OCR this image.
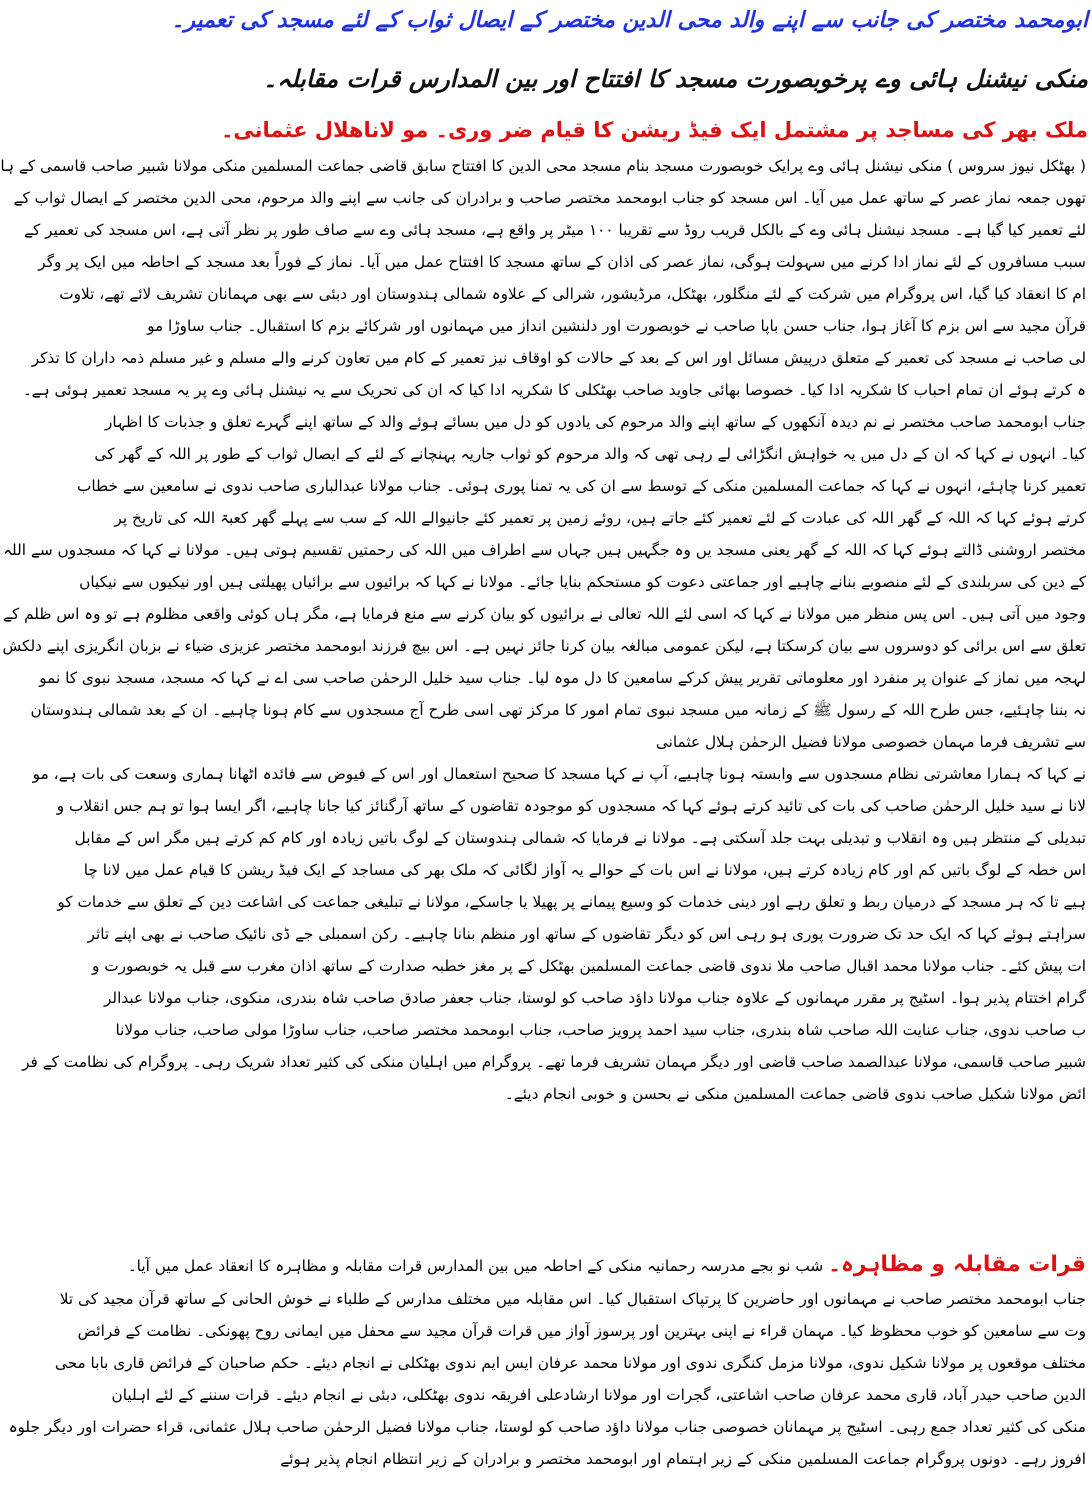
ابومحمد مختصر کی جانب سے اپنے والد محی الدین مختصر کے ایصال ثواب کے لئے مسجد کی تعمیر۔
منکی نیشنل ہائی وے پرخوبصورت مسجد کا افتتاح اور بین المدارس قرات مقابلہ۔
ملک بھر کی مساجد پر مشتمل ایک فیڈ ریشن کا قیام ضر وری۔ مو لاناھلال عثمانی۔
( بھٹکل نیوز سروس ) منکی نیشنل ہائی وے پرایک خوبصورت مسجد بنام مسجد محی الدین کا افتتاح سابق قاضی جماعت المسلمین منکی مولانا شبیر صاحب قاسمی کے ہا
تھوں جمعہ نماز عصر کے ساتھ عمل میں آیا۔ اس مسجد کو جناب ابومحمد مختصر صاحب و برادران کی جانب سے اپنے والد مرحوم، محی الدین مختصر کے ایصال ثواب کے
لئے تعمیر کیا گیا ہے۔ مسجد نیشنل ہائی وے کے بالکل قریب روڈ سے تقریبا ۱۰۰ میٹر پر واقع ہے، مسجد ہائی وے سے صاف طور پر نظر آتی ہے، اس مسجد کی تعمیر کے
سبب مسافروں کے لئے نماز ادا کرنے میں سہولت ہوگی، نماز عصر کی اذان کے ساتھ مسجد کا افتتاح عمل میں آیا۔ نماز کے فوراً بعد مسجد کے احاطہ میں ایک پر وگر
ام کا انعقاد کیا گیا، اس پروگرام میں شرکت کے لئے منگلور، بھٹکل، مرڈیشور، شرالی کے علاوہ شمالی ہندوستان اور دبئی سے بھی مہمانان تشریف لائے تھے، تلاوت
قرآن مجید سے اس بزم کا آغاز ہوا، جناب حسن باپا صاحب نے خوبصورت اور دلنشین انداز میں مہمانوں اور شرکائے بزم کا استقبال۔ جناب ساوڑا مو
لی صاحب نے مسجد کی تعمیر کے متعلق درپیش مسائل اور اس کے بعد کے حالات کو اوقاف نیز تعمیر کے کام میں تعاون کرنے والے مسلم و غیر مسلم ذمہ داران کا تذکر
ہ کرتے ہوئے ان تمام احباب کا شکریہ ادا کیا۔ خصوصا بھائی جاوید صاحب بھٹکلی کا شکریہ ادا کیا کہ ان کی تحریک سے یہ نیشنل ہائی وے پر یہ مسجد تعمیر ہوئی ہے۔
جناب ابومحمد صاحب مختصر نے نم دیدہ آنکھوں کے ساتھ اپنے والد مرحوم کی یادوں کو دل میں بسائے ہوئے والد کے ساتھ اپنے گہرے تعلق و جذبات کا اظہار
کیا۔ انہوں نے کہا کہ ان کے دل میں یہ خواہش انگڑائی لے رہی تھی کہ والد مرحوم کو ثواب جاریہ پہنچانے کے لئے کے ایصال ثواب کے طور پر اللہ کے گھر کی
تعمیر کرنا چاہئے، انہوں نے کہا کہ جماعت المسلمین منکی کے توسط سے ان کی یہ تمنا پوری ہوئی۔ جناب مولانا عبدالباری صاحب ندوی نے سامعین سے خطاب
کرتے ہوئے کہا کہ اللہ کے گھر اللہ کی عبادت کے لئے تعمیر کئے جاتے ہیں، روئے زمین پر تعمیر کئے جانیوالے اللہ کے سب سے پہلے گھر کعبۃ اللہ کی تاریخ پر
مختصر اروشنی ڈالتے ہوئے کہا کہ اللہ کے گھر یعنی مسجد یں وہ جگہیں ہیں جہاں سے اطراف میں اللہ کی رحمتیں تقسیم ہوتی ہیں۔ مولانا نے کہا کہ مسجدوں سے اللہ
کے دین کی سربلندی کے لئے منصوبے بنانے چاہیے اور جماعتی دعوت کو مستحکم بنایا جائے۔ مولانا نے کہا کہ برائیوں سے برائیاں پھیلتی ہیں اور نیکیوں سے نیکیاں
وجود میں آتی ہیں۔ اس پس منظر میں مولانا نے کہا کہ اسی لئے اللہ تعالی نے برائیوں کو بیان کرنے سے منع فرمایا ہے، مگر ہاں کوئی واقعی مظلوم ہے تو وہ اس ظلم کے
تعلق سے اس برائی کو دوسروں سے بیان کرسکتا ہے، لیکن عمومی مبالغہ بیان کرنا جائز نہیں ہے۔ اس بیچ فرزند ابومحمد مختصر عزیزی ضیاء نے بزبان انگریزی اپنے دلکش
لہجہ میں نماز کے عنوان پر منفرد اور معلوماتی تقریر پیش کرکے سامعین کا دل موہ لیا۔ جناب سید خلیل الرحمٰن صاحب سی اے نے کہا کہ مسجد، مسجد نبوی کا نمو
نہ بننا چاہئیے، جس طرح اللہ کے رسول ﷺ کے زمانہ میں مسجد نبوی تمام امور کا مرکز تھی اسی طرح آج مسجدوں سے کام ہونا چاہیے۔ ان کے بعد شمالی ہندوستان
سے تشریف فرما مہمان خصوصی مولانا فضیل الرحمٰن ہلال عثمانی
نے کہا کہ ہمارا معاشرتی نظام مسجدوں سے وابستہ ہونا چاہیے، آپ نے کہا مسجد کا صحیح استعمال اور اس کے فیوض سے فائدہ اٹھانا ہماری وسعت کی بات ہے، مو
لانا نے سید خلیل الرحمٰن صاحب کی بات کی تائید کرتے ہوئے کہا کہ مسجدوں کو موجودہ تقاضوں کے ساتھ آرگنائز کیا جانا چاہیے، اگر ایسا ہوا تو ہم جس انقلاب و
تبدیلی کے منتظر ہیں وہ انقلاب و تبدیلی بہت جلد آسکتی ہے۔ مولانا نے فرمایا کہ شمالی ہندوستان کے لوگ باتیں زیادہ اور کام کم کرتے ہیں مگر اس کے مقابل
اس خطہ کے لوگ باتیں کم اور کام زیادہ کرتے ہیں، مولانا نے اس بات کے حوالے یہ آواز لگائی کہ ملک بھر کی مساجد کے ایک فیڈ ریشن کا قیام عمل میں لانا چا
ہیے تا کہ ہر مسجد کے درمیان ربط و تعلق رہے اور دینی خدمات کو وسیع پیمانے پر پھیلا یا جاسکے، مولانا نے تبلیغی جماعت کی اشاعت دین کے تعلق سے خدمات کو
سراہتے ہوئے کہا کہ ایک حد تک ضرورت پوری ہو رہی اس کو دیگر تقاضوں کے ساتھ اور منظم بنانا چاہیے۔ رکن اسمبلی جے ڈی نائیک صاحب نے بھی اپنے تاثر
ات پیش کئے۔ جناب مولانا محمد اقبال صاحب ملا ندوی قاضی جماعت المسلمین بھٹکل کے پر مغز خطبہ صدارت کے ساتھ اذان مغرب سے قبل یہ خوبصورت و
گرام اختتام پذیر ہوا۔ اسٹیج پر مقرر مہمانوں کے علاوہ جناب مولانا داؤد صاحب کو لوستا، جناب جعفر صادق صاحب شاہ بندری، منکوی، جناب مولانا عبدالر
ب صاحب ندوی، جناب عنایت اللہ صاحب شاہ بندری، جناب سید احمد پرویز صاحب، جناب ابومحمد مختصر صاحب، جناب ساوڑا مولی صاحب، جناب مولانا
شبیر صاحب قاسمی، مولانا عبدالصمد صاحب قاضی اور دیگر مہمان تشریف فرما تھے۔ پروگرام میں اہلیان منکی کی کثیر تعداد شریک رہی۔ پروگرام کی نظامت کے فر
ائض مولانا شکیل صاحب ندوی قاضی جماعت المسلمین منکی نے بحسن و خوبی انجام دیئے۔
قرات مقابلہ و مظاہرہ۔ شب نو بجے مدرسہ رحمانیہ منکی کے احاطہ میں بین المدارس قرات مقابلہ و مظاہرہ کا انعقاد عمل میں آیا۔
جناب ابومحمد مختصر صاحب نے مہمانوں اور حاضرین کا پرتپاک استقبال کیا۔ اس مقابلہ میں مختلف مدارس کے طلباء نے خوش الحانی کے ساتھ قرآن مجید کی تلا
وت سے سامعین کو خوب محظوظ کیا۔ مہمان قراء نے اپنی بہترین اور پرسوز آواز میں قرات قرآن مجید سے محفل میں ایمانی روح پھونکی۔ نظامت کے فرائض
مختلف موقعوں پر مولانا شکیل ندوی، مولانا مزمل کنگری ندوی اور مولانا محمد عرفان ایس ایم ندوی بھٹکلی نے انجام دیئے۔ حکم صاحبان کے فرائض قاری بابا محی
الدین صاحب حیدر آباد، قاری محمد عرفان صاحب اشاعتی، گجرات اور مولانا ارشادعلی افریقہ ندوی بھٹکلی، دبئی نے انجام دیئے۔ قرات سننے کے لئے اہلیان
منکی کی کثیر تعداد جمع رہی۔ اسٹیج پر مہمانان خصوصی جناب مولانا داؤد صاحب کو لوستا، جناب مولانا فضیل الرحمٰن صاحب ہلال عثمانی، قراء حضرات اور دیگر جلوہ
افروز رہے۔ دونوں پروگرام جماعت المسلمین منکی کے زیر اہتمام اور ابومحمد مختصر و برادران کے زیر انتظام انجام پذیر ہوئے
